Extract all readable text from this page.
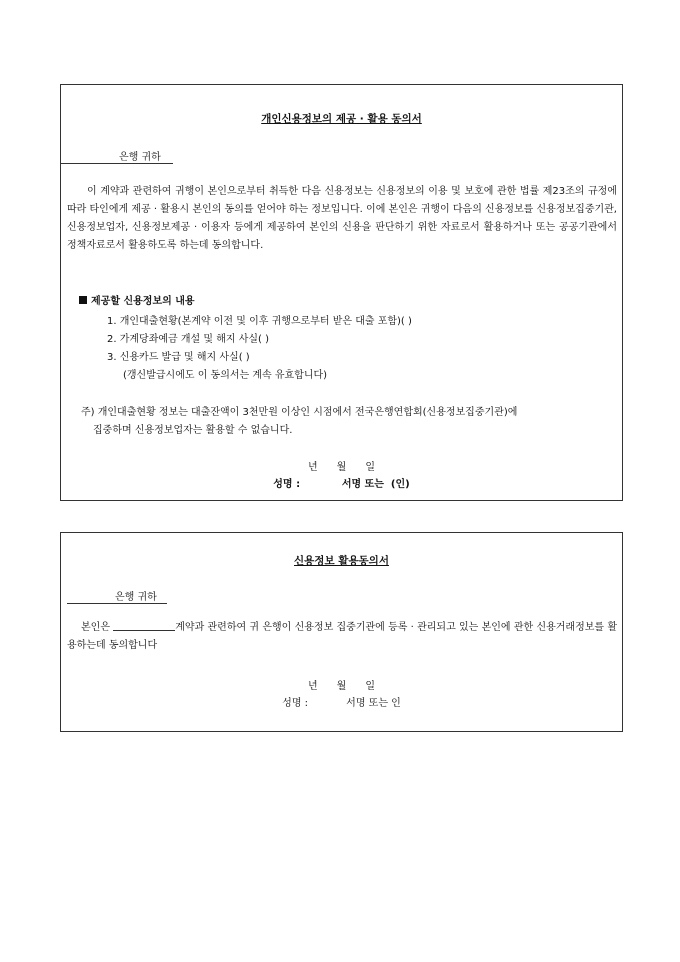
개인신용정보의 제공 · 활용 동의서
은행 귀하
이 계약과 관련하여 귀행이 본인으로부터 취득한 다음 신용정보는 신용정보의 이용 및 보호에 관한 법률 제23조의 규정에 따라 타인에게 제공 · 활용시 본인의 동의를 얻어야 하는 정보입니다. 이에 본인은 귀행이 다음의 신용정보를 신용정보집중기관, 신용정보업자, 신용정보제공 · 이용자 등에게 제공하여 본인의 신용을 판단하기 위한 자료로서 활용하거나 또는 공공기관에서 정책자료로서 활용하도록 하는데 동의합니다.
제공할 신용정보의 내용
1. 개인대출현황(본계약 이전 및 이후 귀행으로부터 받은 대출 포함)( )
2. 가계당좌예금 개설 및 해지 사실( )
3. 신용카드 발급 및 해지 사실( )
(갱신발급시에도 이 동의서는 계속 유효합니다)
주) 개인대출현황 정보는 대출잔액이 3천만원 이상인 시점에서 전국은행연합회(신용정보집중기관)에
집중하며 신용정보업자는 활용할 수 없습니다.
년      월      일
성명 :            서명 또는  (인)
신용정보 활용동의서
은행 귀하
본인은	계약과 관련하여 귀 은행이 신용정보 집중기관에 등록 · 관리되고 있는 본인에 관한 신용거래정보를 활용하는데 동의합니다
년      월      일
성명 :            서명 또는 인
